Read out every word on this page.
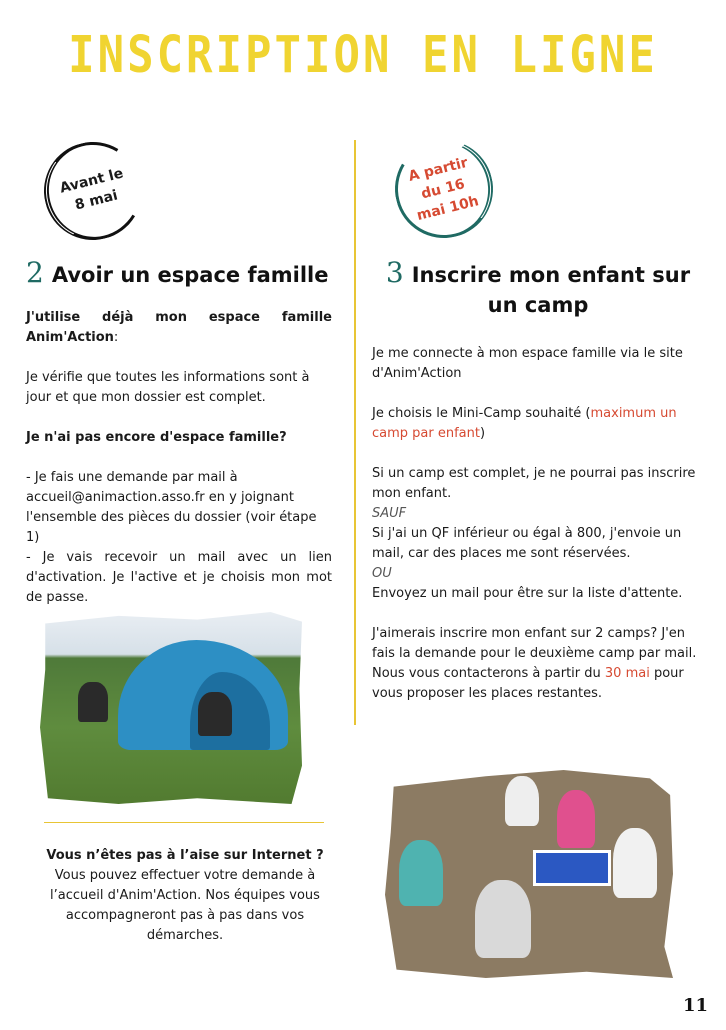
INSCRIPTION EN LIGNE
Avant le 8 mai
2 Avoir un espace famille

J'utilise déjà mon espace famille Anim'Action:

Je vérifie que toutes les informations sont à jour et que mon dossier est complet.

Je n'ai pas encore d'espace famille?

- Je fais une demande par mail à accueil@animaction.asso.fr en y joignant l'ensemble des pièces du dossier (voir étape 1)

- Je vais recevoir un mail avec un lien d'activation. Je l'active et je choisis mon mot de passe.

Vous n’êtes pas à l’aise sur Internet ?
Vous pouvez effectuer votre demande à l’accueil d'Anim'Action. Nos équipes vous accompagneront pas à pas dans vos démarches.
A partir du 16 mai 10h
3 Inscrire mon enfant sur un camp

Je me connecte à mon espace famille via le site d'Anim'Action

Je choisis le Mini-Camp souhaité (maximum un camp par enfant)

Si un camp est complet, je ne pourrai pas inscrire mon enfant.

SAUF

Si j'ai un QF inférieur ou égal à 800, j'envoie un mail, car des places me sont réservées.

OU

Envoyez un mail pour être sur la liste d'attente.

J'aimerais inscrire mon enfant sur 2 camps? J'en fais la demande pour le deuxième camp par mail. Nous vous contacterons à partir du 30 mai pour vous proposer les places restantes.

11
